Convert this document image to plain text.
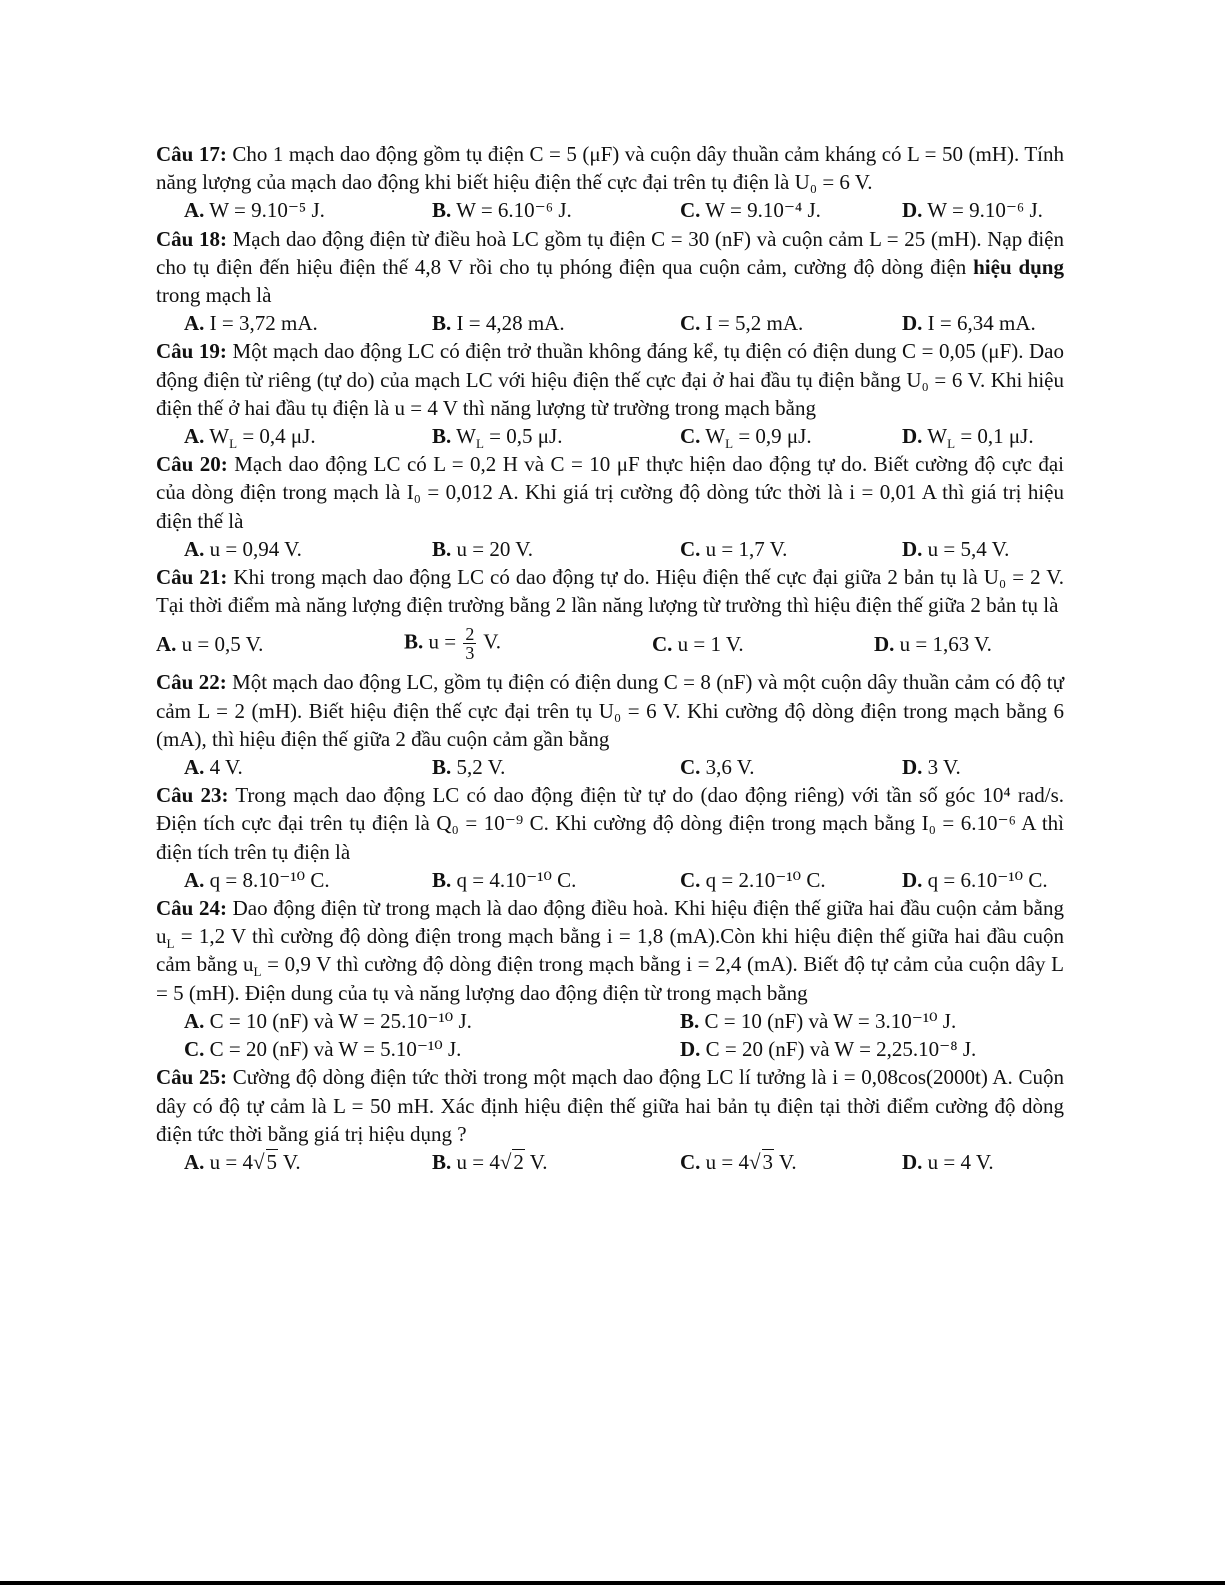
Câu 17: Cho 1 mạch dao động gồm tụ điện C = 5 (μF) và cuộn dây thuần cảm kháng có L = 50 (mH). Tính năng lượng của mạch dao động khi biết hiệu điện thế cực đại trên tụ điện là U₀ = 6 V.
A. W = 9.10⁻⁵ J.	B. W = 6.10⁻⁶ J.	C. W = 9.10⁻⁴ J.	D. W = 9.10⁻⁶ J.
Câu 18: Mạch dao động điện từ điều hoà LC gồm tụ điện C = 30 (nF) và cuộn cảm L = 25 (mH). Nạp điện cho tụ điện đến hiệu điện thế 4,8 V rồi cho tụ phóng điện qua cuộn cảm, cường độ dòng điện hiệu dụng trong mạch là
A. I = 3,72 mA.	B. I = 4,28 mA.	C. I = 5,2 mA.	D. I = 6,34 mA.
Câu 19: Một mạch dao động LC có điện trở thuần không đáng kể, tụ điện có điện dung C = 0,05 (μF). Dao động điện từ riêng (tự do) của mạch LC với hiệu điện thế cực đại ở hai đầu tụ điện bằng U₀ = 6 V. Khi hiệu điện thế ở hai đầu tụ điện là u = 4 V thì năng lượng từ trường trong mạch bằng
A. $W_L = 0,4$ μJ.	B. $W_L = 0,5$ μJ.	C. $W_L = 0,9$ μJ.	D. $W_L = 0,1$ μJ.
Câu 20: Mạch dao động LC có L = 0,2 H và C = 10 μF thực hiện dao động tự do. Biết cường độ cực đại của dòng điện trong mạch là I₀ = 0,012 A. Khi giá trị cường độ dòng tức thời là i = 0,01 A thì giá trị hiệu điện thế là
A. u = 0,94 V.	B. u = 20 V.	C. u = 1,7 V.	D. u = 5,4 V.
Câu 21: Khi trong mạch dao động LC có dao động tự do. Hiệu điện thế cực đại giữa 2 bản tụ là U₀ = 2 V. Tại thời điểm mà năng lượng điện trường bằng 2 lần năng lượng từ trường thì hiệu điện thế giữa 2 bản tụ là
A. u = 0,5 V.	B. $u = \frac{2}{3} V$.	C. u = 1 V.	D. u = 1,63 V.
Câu 22: Một mạch dao động LC, gồm tụ điện có điện dung C = 8 (nF) và một cuộn dây thuần cảm có độ tự cảm L = 2 (mH). Biết hiệu điện thế cực đại trên tụ U₀ = 6 V. Khi cường độ dòng điện trong mạch bằng 6 (mA), thì hiệu điện thế giữa 2 đầu cuộn cảm gần bằng
A. 4 V.	B. 5,2 V.	C. 3,6 V.	D. 3 V.
Câu 23: Trong mạch dao động LC có dao động điện từ tự do (dao động riêng) với tần số góc 10⁴ rad/s. Điện tích cực đại trên tụ điện là Q₀ = 10⁻⁹ C. Khi cường độ dòng điện trong mạch bằng I₀ = 6.10⁻⁶ A thì điện tích trên tụ điện là
A. q = 8.10⁻¹⁰ C.	B. q = 4.10⁻¹⁰ C.	C. q = 2.10⁻¹⁰ C.	D. q = 6.10⁻¹⁰ C.
Câu 24: Dao động điện từ trong mạch là dao động điều hoà. Khi hiệu điện thế giữa hai đầu cuộn cảm bằng $u_L = 1,2$ V thì cường độ dòng điện trong mạch bằng i = 1,8 (mA).Còn khi hiệu điện thế giữa hai đầu cuộn cảm bằng $u_L = 0,9$ V thì cường độ dòng điện trong mạch bằng i = 2,4 (mA). Biết độ tự cảm của cuộn dây L = 5 (mH). Điện dung của tụ và năng lượng dao động điện từ trong mạch bằng
A. C = 10 (nF) và W = 25.10⁻¹⁰ J.	B. C = 10 (nF) và W = 3.10⁻¹⁰ J.
C. C = 20 (nF) và W = 5.10⁻¹⁰ J.	D. C = 20 (nF) và W = 2,25.10⁻⁸ J.
Câu 25: Cường độ dòng điện tức thời trong một mạch dao động LC lí tưởng là i = 0,08cos(2000t) A. Cuộn dây có độ tự cảm là L = 50 mH. Xác định hiệu điện thế giữa hai bản tụ điện tại thời điểm cường độ dòng điện tức thời bằng giá trị hiệu dụng ?
A. u = 4√5 V.	B. u = 4√2 V.	C. u = 4√3 V.	D. u = 4 V.
